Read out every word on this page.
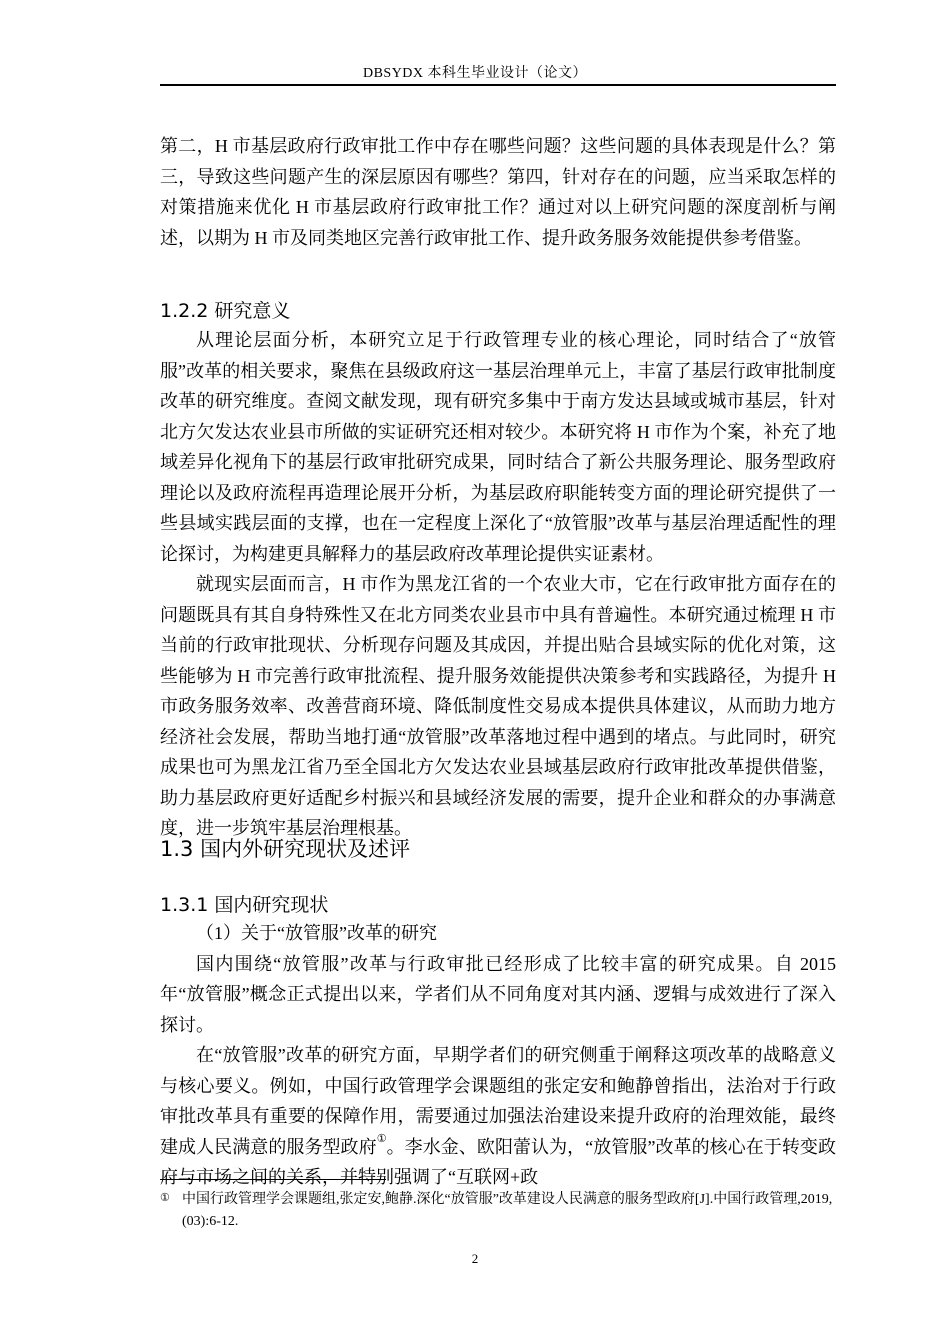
DBSYDX 本科生毕业设计（论文）

第二，H 市基层政府行政审批工作中存在哪些问题？这些问题的具体表现是什么？第三，导致这些问题产生的深层原因有哪些？第四，针对存在的问题，应当采取怎样的对策措施来优化 H 市基层政府行政审批工作？通过对以上研究问题的深度剖析与阐述，以期为 H 市及同类地区完善行政审批工作、提升政务服务效能提供参考借鉴。

1.2.2 研究意义

从理论层面分析，本研究立足于行政管理专业的核心理论，同时结合了“放管服”改革的相关要求，聚焦在县级政府这一基层治理单元上，丰富了基层行政审批制度改革的研究维度。查阅文献发现，现有研究多集中于南方发达县域或城市基层，针对北方欠发达农业县市所做的实证研究还相对较少。本研究将 H 市作为个案，补充了地域差异化视角下的基层行政审批研究成果，同时结合了新公共服务理论、服务型政府理论以及政府流程再造理论展开分析，为基层政府职能转变方面的理论研究提供了一些县域实践层面的支撑，也在一定程度上深化了“放管服”改革与基层治理适配性的理论探讨，为构建更具解释力的基层政府改革理论提供实证素材。

就现实层面而言，H 市作为黑龙江省的一个农业大市，它在行政审批方面存在的问题既具有其自身特殊性又在北方同类农业县市中具有普遍性。本研究通过梳理 H 市当前的行政审批现状、分析现存问题及其成因，并提出贴合县域实际的优化对策，这些能够为 H 市完善行政审批流程、提升服务效能提供决策参考和实践路径，为提升 H 市政务服务效率、改善营商环境、降低制度性交易成本提供具体建议，从而助力地方经济社会发展，帮助当地打通“放管服”改革落地过程中遇到的堵点。与此同时，研究成果也可为黑龙江省乃至全国北方欠发达农业县域基层政府行政审批改革提供借鉴，助力基层政府更好适配乡村振兴和县域经济发展的需要，提升企业和群众的办事满意度，进一步筑牢基层治理根基。

1.3 国内外研究现状及述评
1.3.1 国内研究现状

（1）关于“放管服”改革的研究

国内围绕“放管服”改革与行政审批已经形成了比较丰富的研究成果。自 2015 年“放管服”概念正式提出以来，学者们从不同角度对其内涵、逻辑与成效进行了深入探讨。

在“放管服”改革的研究方面，早期学者们的研究侧重于阐释这项改革的战略意义与核心要义。例如，中国行政管理学会课题组的张定安和鲍静曾指出，法治对于行政审批改革具有重要的保障作用，需要通过加强法治建设来提升政府的治理效能，最终建成人民满意的服务型政府①。李水金、欧阳蕾认为，“放管服”改革的核心在于转变政府与市场之间的关系，并特别强调了“互联网+政

① 中国行政管理学会课题组,张定安,鲍静.深化“放管服”改革建设人民满意的服务型政府[J].中国行政管理,2019,(03):6-12.
2
